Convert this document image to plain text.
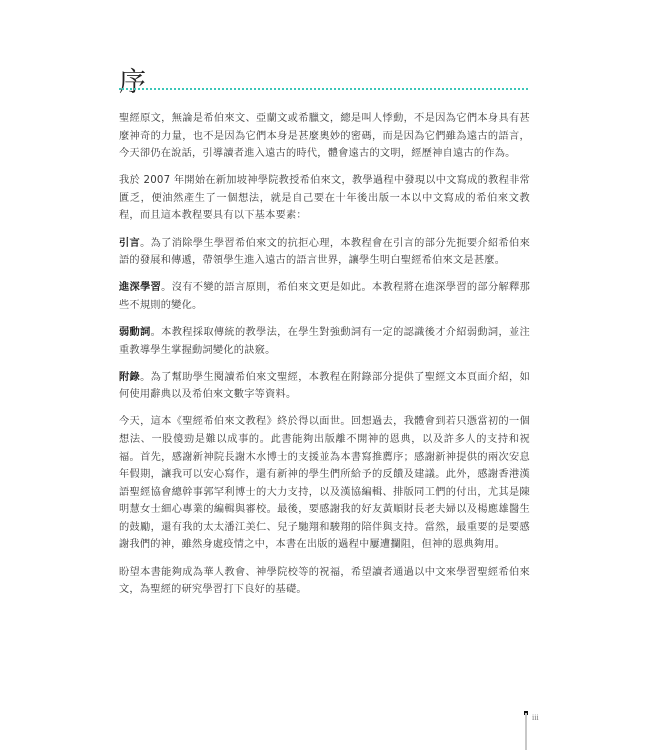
序

聖經原文，無論是希伯來文、亞蘭文或希臘文，總是叫人悸動，不是因為它們本身具有甚麼神奇的力量，也不是因為它們本身是甚麼奧妙的密碼，而是因為它們雖為遠古的語言，今天卻仍在說話，引導讀者進入遠古的時代，體會遠古的文明，經歷神自遠古的作為。

我於 2007 年開始在新加坡神學院教授希伯來文，教學過程中發現以中文寫成的教程非常匱乏，便油然產生了一個想法，就是自己要在十年後出版一本以中文寫成的希伯來文教程，而且這本教程要具有以下基本要素：

引言。為了消除學生學習希伯來文的抗拒心理，本教程會在引言的部分先扼要介紹希伯來語的發展和傳遞，帶領學生進入遠古的語言世界，讓學生明白聖經希伯來文是甚麼。

進深學習。沒有不變的語言原則，希伯來文更是如此。本教程將在進深學習的部分解釋那些不規則的變化。

弱動詞。本教程採取傳統的教學法，在學生對強動詞有一定的認識後才介紹弱動詞，並注重教導學生掌握動詞變化的訣竅。

附錄。為了幫助學生閱讀希伯來文聖經，本教程在附錄部分提供了聖經文本頁面介紹，如何使用辭典以及希伯來文數字等資料。

今天，這本《聖經希伯來文教程》終於得以面世。回想過去，我體會到若只憑當初的一個想法、一股傻勁是難以成事的。此書能夠出版離不開神的恩典，以及許多人的支持和祝福。首先，感謝新神院長謝木水博士的支援並為本書寫推薦序；感謝新神提供的兩次安息年假期，讓我可以安心寫作，還有新神的學生們所給予的反饋及建議。此外，感謝香港漢語聖經協會總幹事郭罕利博士的大力支持，以及漢協編輯、排版同工們的付出，尤其是陳明慧女士細心專業的編輯與審校。最後，要感謝我的好友黃順財長老夫婦以及楊應雄醫生的鼓勵，還有我的太太潘江美仁、兒子馳翔和駿翔的陪伴與支持。當然，最重要的是要感謝我們的神，雖然身處疫情之中，本書在出版的過程中屢遭攔阻，但神的恩典夠用。

盼望本書能夠成為華人教會、神學院校等的祝福，希望讀者通過以中文來學習聖經希伯來文，為聖經的研究學習打下良好的基礎。

iii
